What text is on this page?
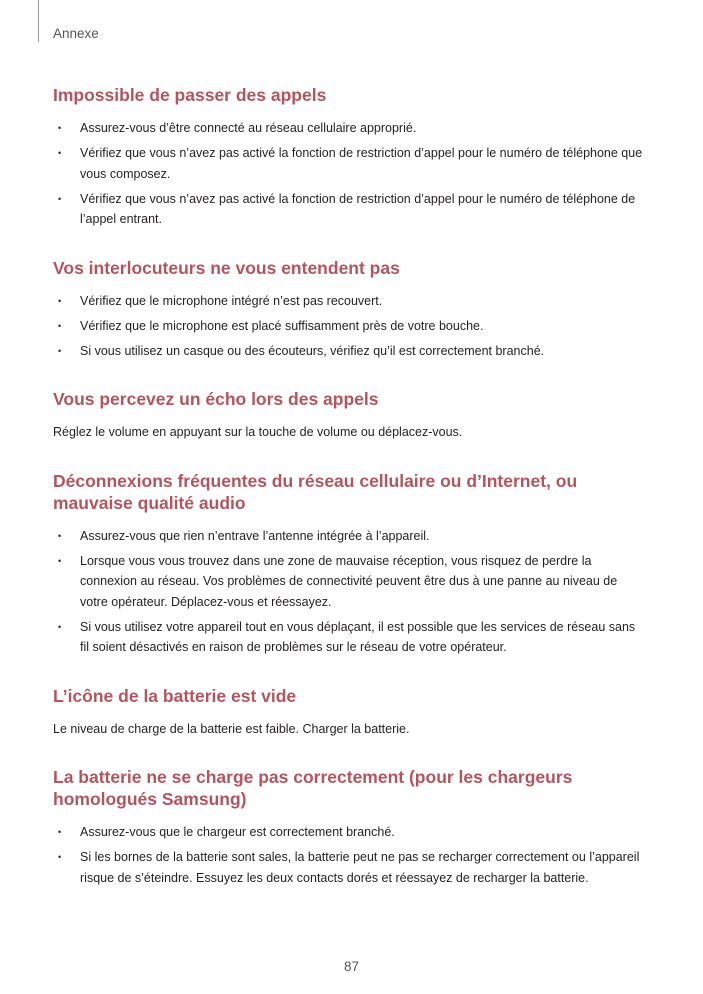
Annexe
Impossible de passer des appels
• Assurez-vous d’être connecté au réseau cellulaire approprié.
• Vérifiez que vous n’avez pas activé la fonction de restriction d’appel pour le numéro de téléphone que vous composez.
• Vérifiez que vous n’avez pas activé la fonction de restriction d’appel pour le numéro de téléphone de l’appel entrant.
Vos interlocuteurs ne vous entendent pas
• Vérifiez que le microphone intégré n’est pas recouvert.
• Vérifiez que le microphone est placé suffisamment près de votre bouche.
• Si vous utilisez un casque ou des écouteurs, vérifiez qu’il est correctement branché.
Vous percevez un écho lors des appels

Réglez le volume en appuyant sur la touche de volume ou déplacez-vous.

Déconnexions fréquentes du réseau cellulaire ou d’Internet, ou mauvaise qualité audio
• Assurez-vous que rien n’entrave l’antenne intégrée à l’appareil.
• Lorsque vous vous trouvez dans une zone de mauvaise réception, vous risquez de perdre la connexion au réseau. Vos problèmes de connectivité peuvent être dus à une panne au niveau de votre opérateur. Déplacez-vous et réessayez.
• Si vous utilisez votre appareil tout en vous déplaçant, il est possible que les services de réseau sans fil soient désactivés en raison de problèmes sur le réseau de votre opérateur.
L’icône de la batterie est vide

Le niveau de charge de la batterie est faible. Charger la batterie.

La batterie ne se charge pas correctement (pour les chargeurs homologués Samsung)
• Assurez-vous que le chargeur est correctement branché.
• Si les bornes de la batterie sont sales, la batterie peut ne pas se recharger correctement ou l’appareil risque de s’éteindre. Essuyez les deux contacts dorés et réessayez de recharger la batterie.
87
